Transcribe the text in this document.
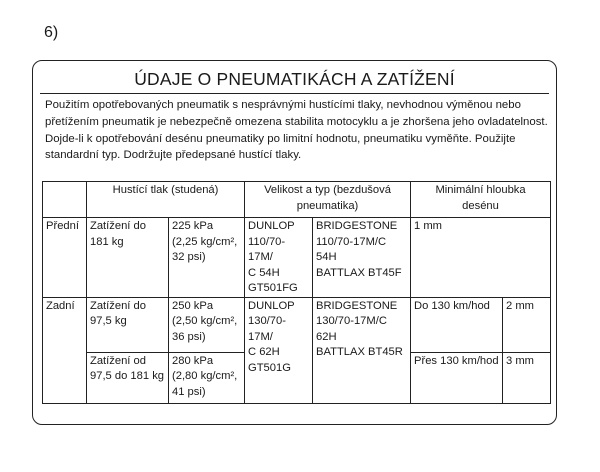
6)
ÚDAJE O PNEUMATIKÁCH A ZATÍŽENÍ

Použitím opotřebovaných pneumatik s nesprávnými hustícími tlaky, nevhodnou výměnou nebo přetížením pneumatik je nebezpečně omezena stabilita motocyklu a je zhoršena jeho ovladatelnost. Dojde-li k opotřebování desénu pneumatiky po limitní hodnotu, pneumatiku vyměňte. Použijte standardní typ. Dodržujte předepsané hustící tlaky.

	Hustící tlak (studená)		Velikost a typ (bezdušová
pneumatika)		Minimální hloubka
desénu	
Přední	Zatížení do
181 kg	225 kPa
(2,25 kg/cm²,
32 psi)	DUNLOP
110/70-17M/
C 54H
GT501FG	BRIDGESTONE
110/70-17M/C 54H
BATTLAX BT45F	1 mm	
Zadní	Zatížení do
97,5 kg	250 kPa
(2,50 kg/cm²,
36 psi)	DUNLOP
130/70-17M/
C 62H
GT501G	BRIDGESTONE
130/70-17M/C 62H
BATTLAX BT45R	Do 130 km/hod	2 mm
	Zatížení od
97,5 do 181 kg	280 kPa
(2,80 kg/cm²,
41 psi)			Přes 130 km/hod	3 mm
